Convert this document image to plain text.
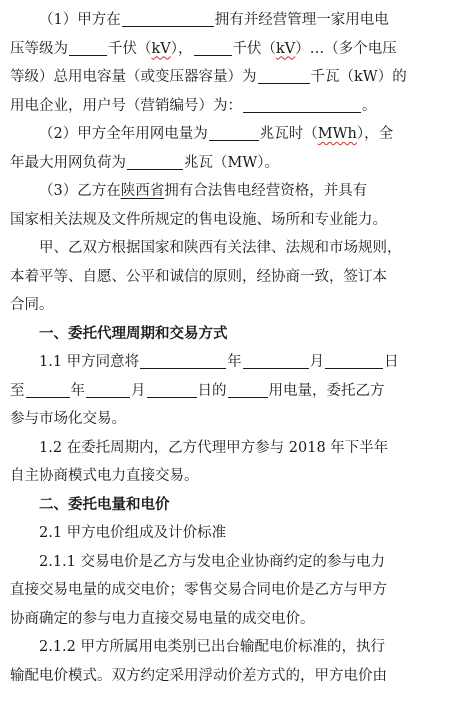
（1）甲方在	拥有并经营管理一家用电电
压等级为	千伏（kV），	千伏（kV）…（多个电压
等级）总用电容量（或变压器容量）为	千瓦（kW）的
用电企业，用户号（营销编号）为：	。
（2）甲方全年用网电量为	兆瓦时（MWh），全
年最大用网负荷为	兆瓦（MW）。
（3）乙方在陕西省拥有合法售电经营资格，并具有
国家相关法规及文件所规定的售电设施、场所和专业能力。
甲、乙双方根据国家和陕西有关法律、法规和市场规则，
本着平等、自愿、公平和诚信的原则，经协商一致，签订本
合同。
一、委托代理周期和交易方式
1.1 甲方同意将	年	月	日
至	年	月	日的	用电量，委托乙方
参与市场化交易。
1.2 在委托周期内，乙方代理甲方参与 2018 年下半年
自主协商模式电力直接交易。
二、委托电量和电价
2.1 甲方电价组成及计价标准
2.1.1 交易电价是乙方与发电企业协商约定的参与电力
直接交易电量的成交电价；零售交易合同电价是乙方与甲方
协商确定的参与电力直接交易电量的成交电价。
2.1.2 甲方所属用电类别已出台输配电价标准的，执行
输配电价模式。双方约定采用浮动价差方式的，甲方电价由
